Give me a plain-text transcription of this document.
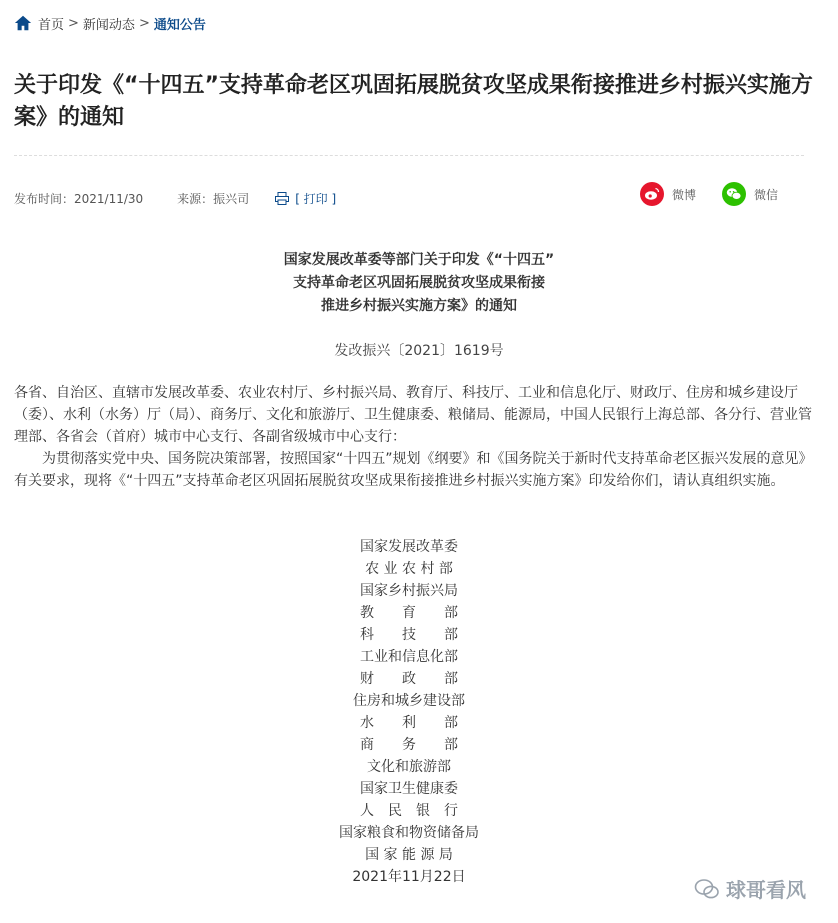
首页 > 新闻动态 > 通知公告
关于印发《“十四五”支持革命老区巩固拓展脱贫攻坚成果衔接推进乡村振兴实施方案》的通知
发布时间：2021/11/30	来源：振兴司	[ 打印 ]	微博	微信
国家发展改革委等部门关于印发《“十四五”
支持革命老区巩固拓展脱贫攻坚成果衔接
推进乡村振兴实施方案》的通知
发改振兴〔2021〕1619号

各省、自治区、直辖市发展改革委、农业农村厅、乡村振兴局、教育厅、科技厅、工业和信息化厅、财政厅、住房和城乡建设厅（委）、水利（水务）厅（局）、商务厅、文化和旅游厅、卫生健康委、粮储局、能源局，中国人民银行上海总部、各分行、营业管理部、各省会（首府）城市中心支行、各副省级城市中心支行：

为贯彻落实党中央、国务院决策部署，按照国家“十四五”规划《纲要》和《国务院关于新时代支持革命老区振兴发展的意见》有关要求，现将《“十四五”支持革命老区巩固拓展脱贫攻坚成果衔接推进乡村振兴实施方案》印发给你们，请认真组织实施。

国家发展改革委
农 业 农 村 部
国家乡村振兴局
教　　育　　部
科　　技　　部
工业和信息化部
财　　政　　部
住房和城乡建设部
水　　利　　部
商　　务　　部
文化和旅游部
国家卫生健康委
人　民　银　行
国家粮食和物资储备局
国 家 能 源 局
2021年11月22日
球哥看风
